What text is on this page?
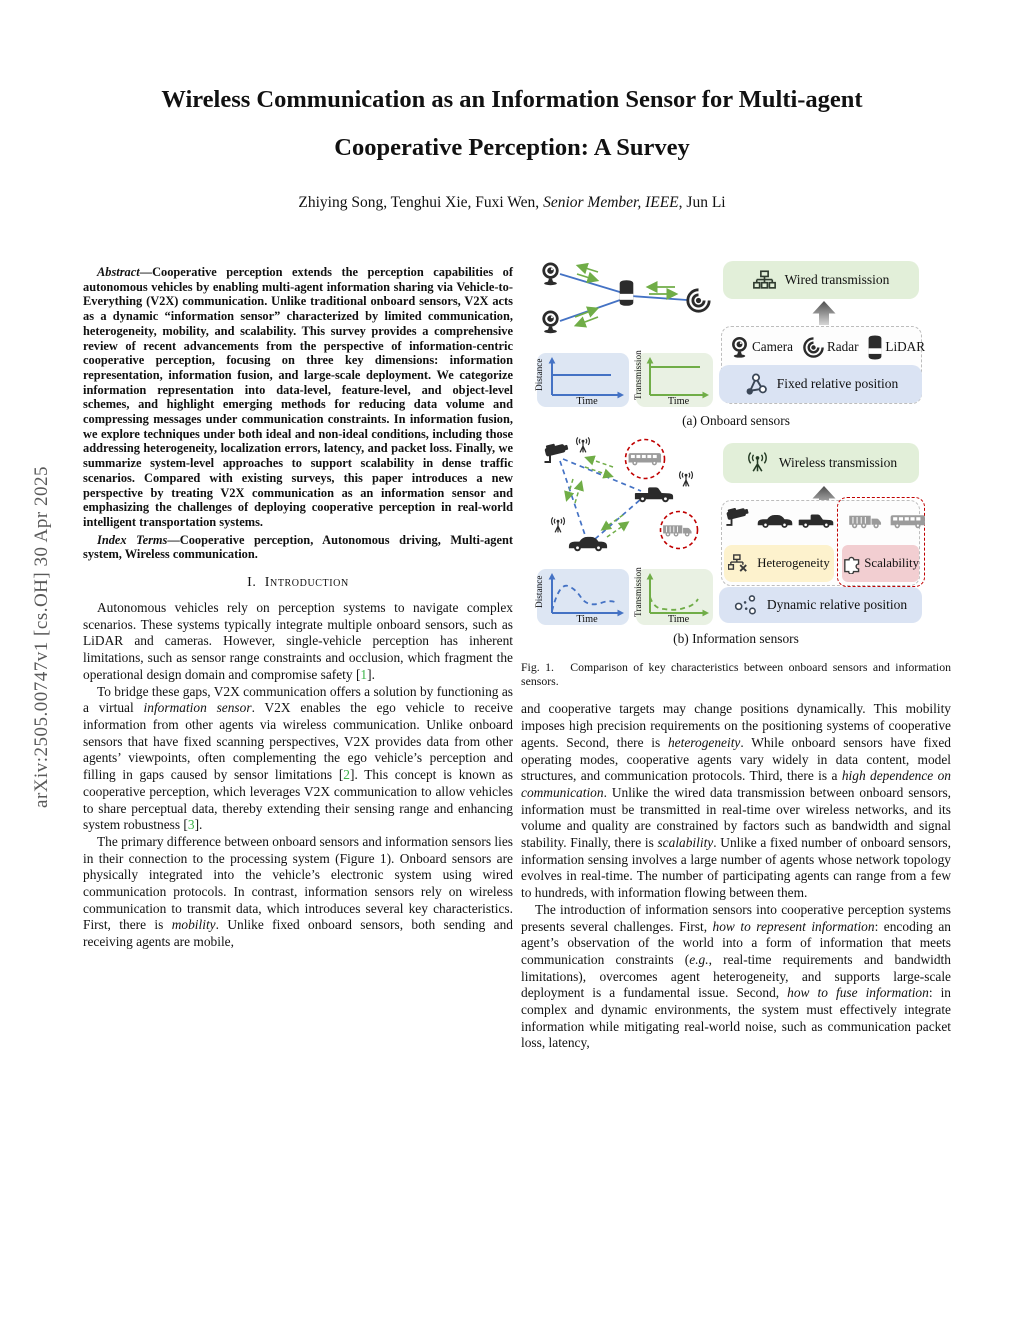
arXiv:2505.00747v1 [cs.OH] 30 Apr 2025
Wireless Communication as an Information Sensor for Multi-agent
Cooperative Perception: A Survey
Zhiying Song, Tenghui Xie, Fuxi Wen, Senior Member, IEEE, Jun Li

Abstract—Cooperative perception extends the perception capabilities of autonomous vehicles by enabling multi-agent information sharing via Vehicle-to-Everything (V2X) communication. Unlike traditional onboard sensors, V2X acts as a dynamic “information sensor” characterized by limited communication, heterogeneity, mobility, and scalability. This survey provides a comprehensive review of recent advancements from the perspective of information-centric cooperative perception, focusing on three key dimensions: information representation, information fusion, and large-scale deployment. We categorize information representation into data-level, feature-level, and object-level schemes, and highlight emerging methods for reducing data volume and compressing messages under communication constraints. In information fusion, we explore techniques under both ideal and non-ideal conditions, including those addressing heterogeneity, localization errors, latency, and packet loss. Finally, we summarize system-level approaches to support scalability in dense traffic scenarios. Compared with existing surveys, this paper introduces a new perspective by treating V2X communication as an information sensor and emphasizing the challenges of deploying cooperative perception in real-world intelligent transportation systems.

Index Terms—Cooperative perception, Autonomous driving, Multi-agent system, Wireless communication.

I. Introduction

Autonomous vehicles rely on perception systems to navigate complex scenarios. These systems typically integrate multiple onboard sensors, such as LiDAR and cameras. However, single-vehicle perception has inherent limitations, such as sensor range constraints and occlusion, which fragment the operational design domain and compromise safety [1].

To bridge these gaps, V2X communication offers a solution by functioning as a virtual information sensor. V2X enables the ego vehicle to receive information from other agents via wireless communication. Unlike onboard sensors that have fixed scanning perspectives, V2X provides data from other agents’ viewpoints, often complementing the ego vehicle’s perception and filling in gaps caused by sensor limitations [2]. This concept is known as cooperative perception, which leverages V2X communication to allow vehicles to share perceptual data, thereby extending their sensing range and enhancing system robustness [3].

The primary difference between onboard sensors and information sensors lies in their connection to the processing system (Figure 1). Onboard sensors are physically integrated into the vehicle’s electronic system using wired communication protocols. In contrast, information sensors rely on wireless communication to transmit data, which introduces several key characteristics. First, there is mobility. Unlike fixed onboard sensors, both sending and receiving agents are mobile,

Distance
Time
Transmission
Time
Wired transmission
Camera	Radar LiDAR
Fixed relative position
(a) Onboard sensors
Distance
Time
Transmission
Time
Wireless transmission
Heterogeneity	Scalability
Dynamic relative position
(b) Information sensors

Fig. 1.   Comparison of key characteristics between onboard sensors and information sensors.

and cooperative targets may change positions dynamically. This mobility imposes high precision requirements on the positioning systems of cooperative agents. Second, there is heterogeneity. While onboard sensors have fixed operating modes, cooperative agents vary widely in data content, model structures, and communication protocols. Third, there is a high dependence on communication. Unlike the wired data transmission between onboard sensors, information must be transmitted in real-time over wireless networks, and its volume and quality are constrained by factors such as bandwidth and signal stability. Finally, there is scalability. Unlike a fixed number of onboard sensors, information sensing involves a large number of agents whose network topology evolves in real-time. The number of participating agents can range from a few to hundreds, with information flowing between them.

The introduction of information sensors into cooperative perception systems presents several challenges. First, how to represent information: encoding an agent’s observation of the world into a form of information that meets communication constraints (e.g., real-time requirements and bandwidth limitations), overcomes agent heterogeneity, and supports large-scale deployment is a fundamental issue. Second, how to fuse information: in complex and dynamic environments, the system must effectively integrate information while mitigating real-world noise, such as communication packet loss, latency,
